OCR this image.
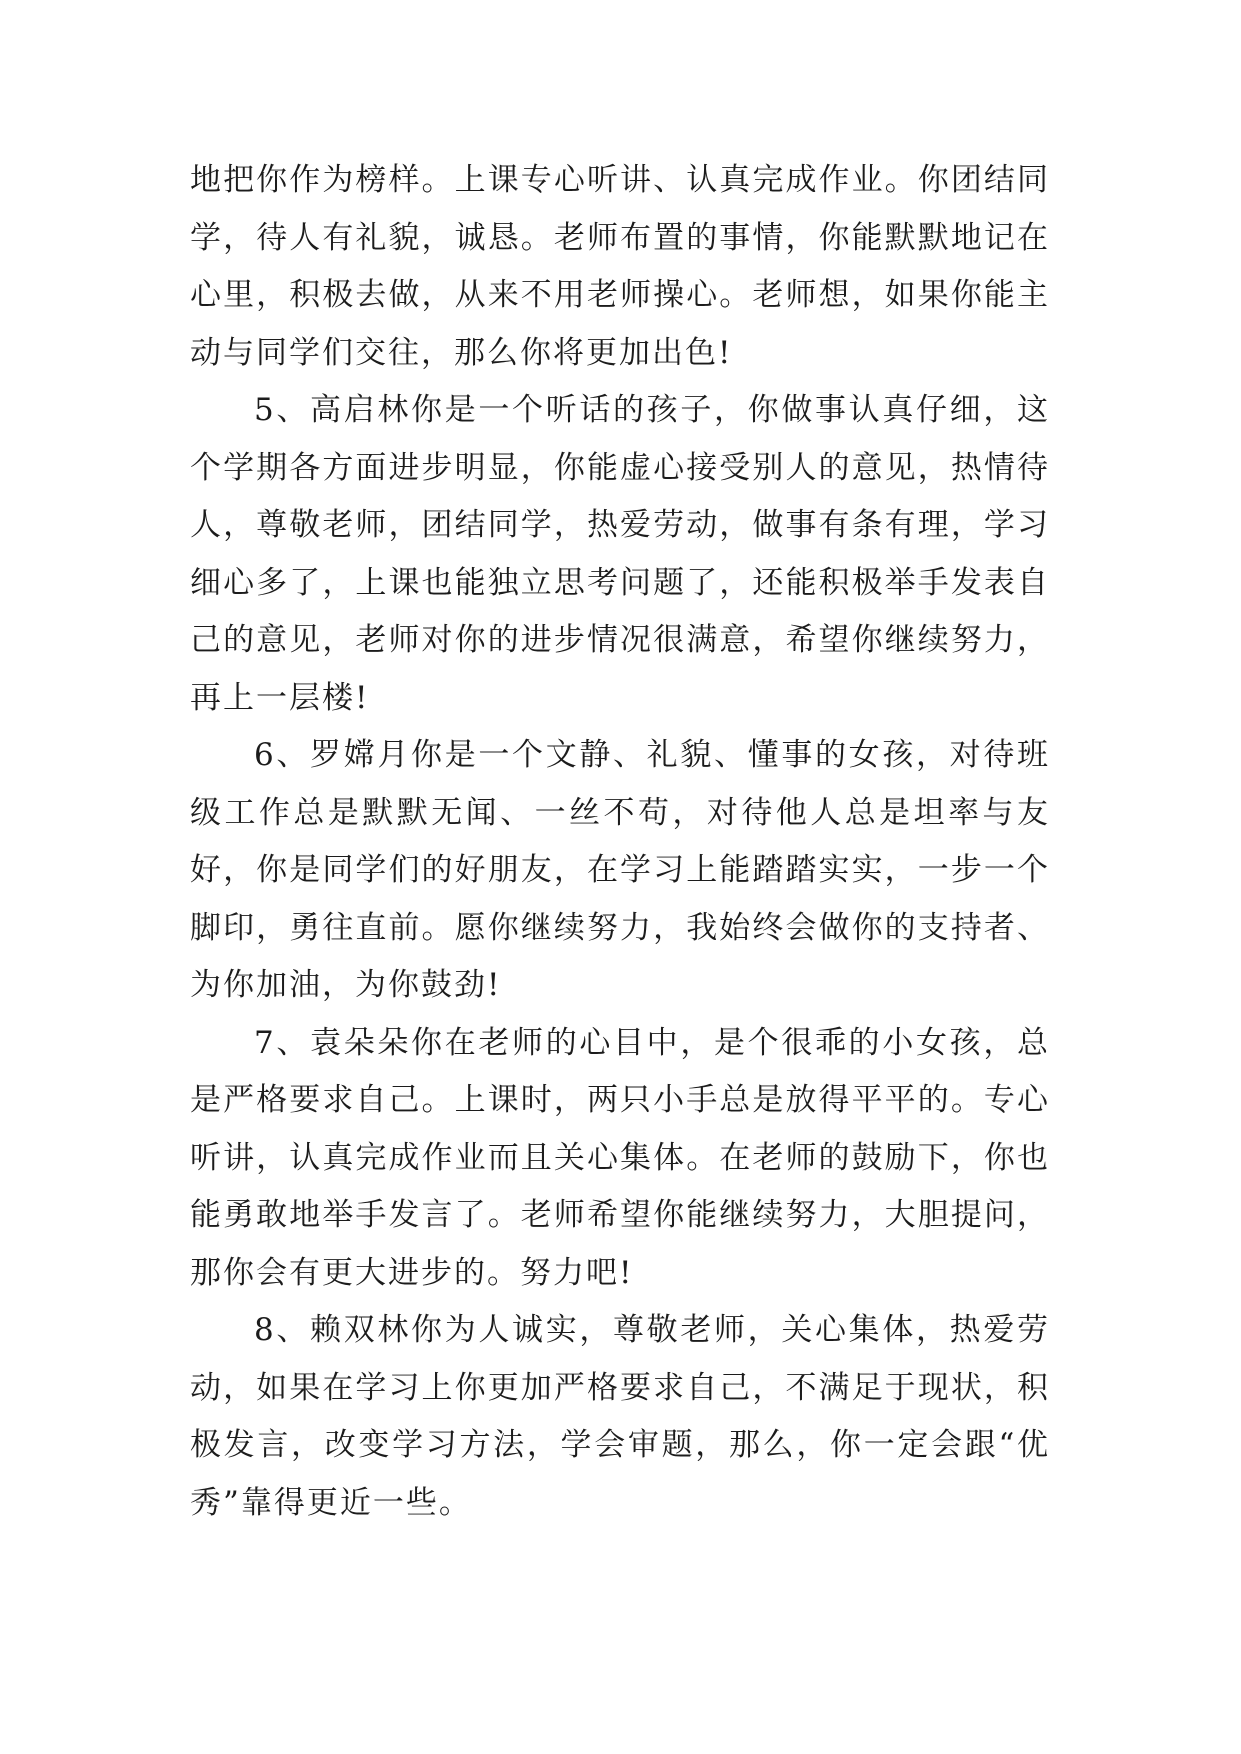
地把你作为榜样。上课专心听讲、认真完成作业。你团结同学，待人有礼貌，诚恳。老师布置的事情，你能默默地记在心里，积极去做，从来不用老师操心。老师想，如果你能主动与同学们交往，那么你将更加出色!

5、高启林你是一个听话的孩子，你做事认真仔细，这个学期各方面进步明显，你能虚心接受别人的意见，热情待人，尊敬老师，团结同学，热爱劳动，做事有条有理，学习细心多了，上课也能独立思考问题了，还能积极举手发表自己的意见，老师对你的进步情况很满意，希望你继续努力，再上一层楼!

6、罗嫦月你是一个文静、礼貌、懂事的女孩，对待班级工作总是默默无闻、一丝不苟，对待他人总是坦率与友好，你是同学们的好朋友，在学习上能踏踏实实，一步一个脚印，勇往直前。愿你继续努力，我始终会做你的支持者、为你加油，为你鼓劲!

7、袁朵朵你在老师的心目中，是个很乖的小女孩，总是严格要求自己。上课时，两只小手总是放得平平的。专心听讲，认真完成作业而且关心集体。在老师的鼓励下，你也能勇敢地举手发言了。老师希望你能继续努力，大胆提问，那你会有更大进步的。努力吧!

8、赖双林你为人诚实，尊敬老师，关心集体，热爱劳动，如果在学习上你更加严格要求自己，不满足于现状，积极发言，改变学习方法，学会审题，那么，你一定会跟“优秀”靠得更近一些。
